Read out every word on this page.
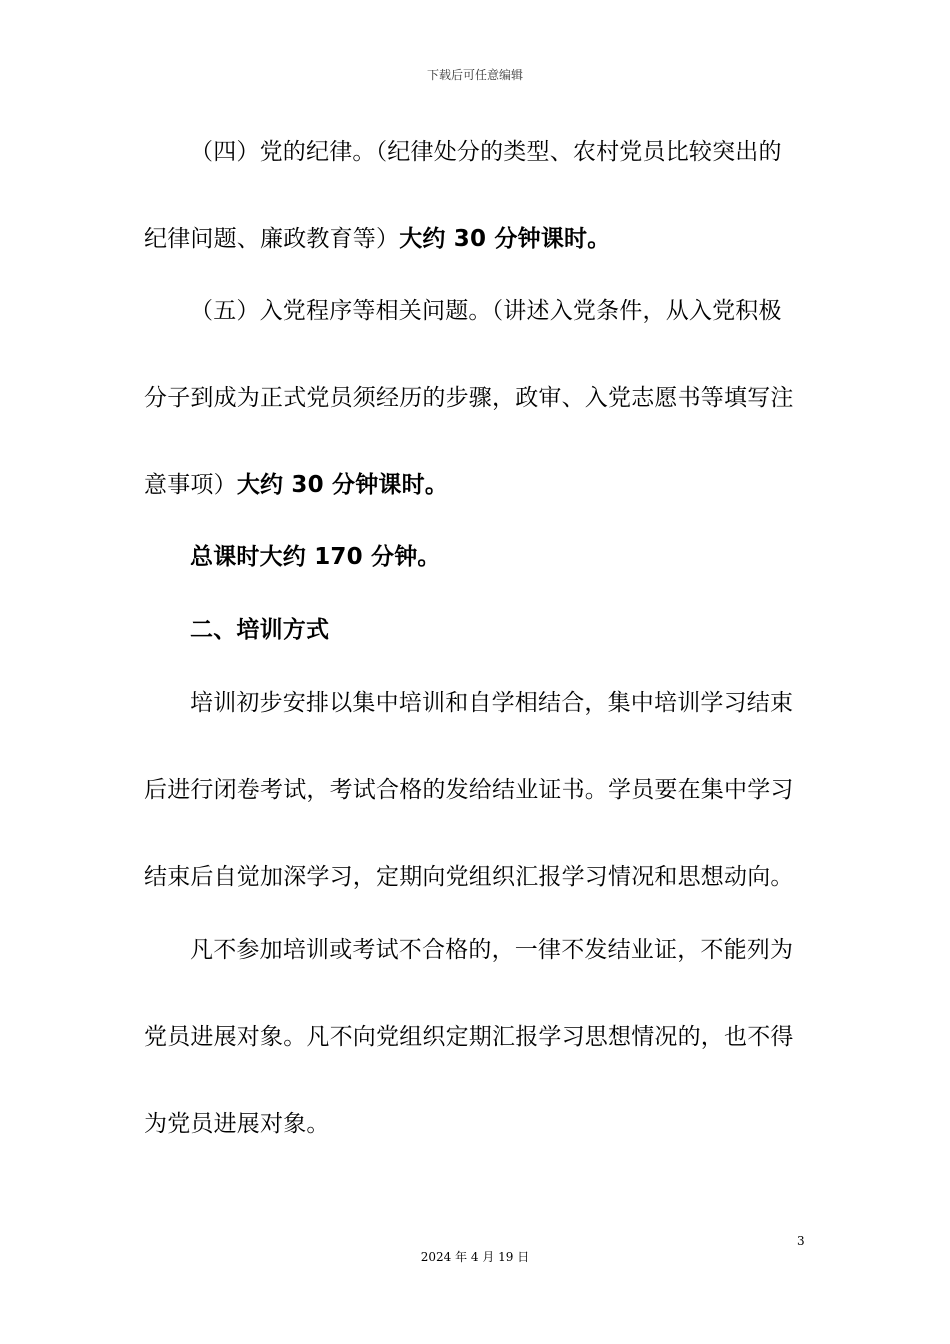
下载后可任意编辑
（四）党的纪律。（纪律处分的类型、农村党员比较突出的
纪律问题、廉政教育等）大约 30 分钟课时。
（五）入党程序等相关问题。（讲述入党条件，从入党积极
分子到成为正式党员须经历的步骤，政审、入党志愿书等填写注
意事项）大约 30 分钟课时。
总课时大约 170 分钟。
二、培训方式
培训初步安排以集中培训和自学相结合，集中培训学习结束
后进行闭卷考试，考试合格的发给结业证书。学员要在集中学习
结束后自觉加深学习，定期向党组织汇报学习情况和思想动向。
凡不参加培训或考试不合格的，一律不发结业证，不能列为
党员进展对象。凡不向党组织定期汇报学习思想情况的，也不得
为党员进展对象。
3
2024 年 4 月 19 日
